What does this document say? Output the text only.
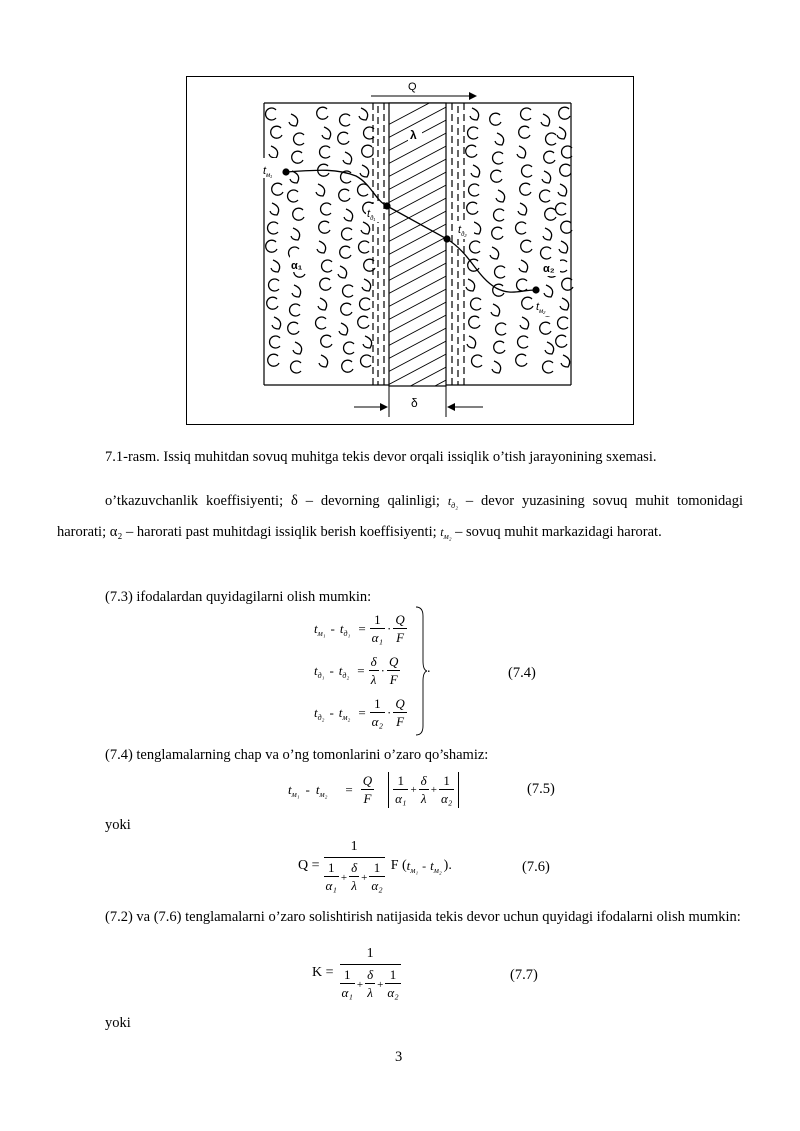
Q
λ
$t_{м_1}$
$t_{д_1}$
$t_{д_2}$
$t_{м_2}$
α₁	α₂
δ
7.1-rasm. Issiq muhitdan sovuq muhitga tekis devor orqali issiqlik o’tish jarayonining sxemasi.
o’tkazuvchanlik koeffisiyenti; δ – devorning qalinligi; $t_{д_2}$ – devor yuzasining sovuq muhit tomonidagi harorati; α₂ – harorati past muhitdagi issiqlik berish koeffisiyenti; $t_{м_2}$ – sovuq muhit markazidagi harorat.
(7.3) ifodalardan quyidagilarni olish mumkin:
$t_{м_1} - t_{д_1} = \frac{1}{\text{α₁}} \cdot \frac{Q}{F}$
$t_{д_1} - t_{д_2} = \frac{\delta}{\lambda} \cdot \frac{Q}{F}$
$t_{д_2} - t_{м_2} = \frac{1}{\text{α₂}} \cdot \frac{Q}{F}$
.	(7.4)
(7.4) tenglamalarning chap va o’ng tomonlarini o’zaro qo’shamiz:
$t_{м_1} - t_{м_2} = \frac{Q}{F} \frac{1}{\text{α₁}} + \frac{\delta}{\lambda} + \frac{1}{\text{α₂}}$	(7.5)
yoki
$Q = \frac{1}{\frac{1}{\text{α₁}} + \frac{\delta}{\lambda} + \frac{1}{\text{α₂}}}$ F ( $t_{м_1} - t_{м_2}$ ).	(7.6)
(7.2) va (7.6) tenglamalarni o’zaro solishtirish natijasida tekis devor uchun quyidagi ifodalarni olish mumkin:
$K = \frac{1}{\frac{1}{\text{α₁}} + \frac{\delta}{\lambda} + \frac{1}{\text{α₂}}}$	(7.7)
yoki
3
